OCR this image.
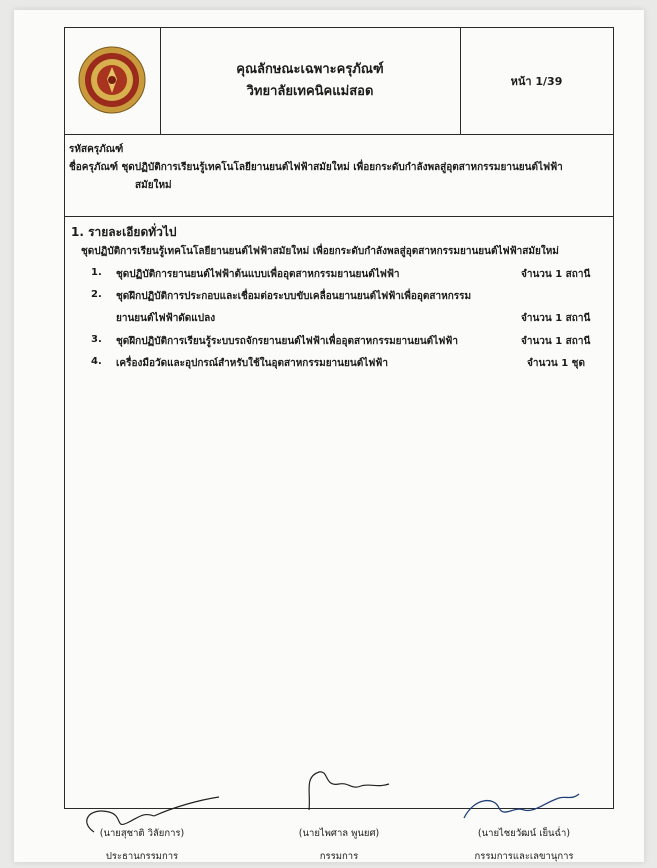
คุณลักษณะเฉพาะครุภัณฑ์
วิทยาลัยเทคนิคแม่สอด
หน้า 1/39
รหัสครุภัณฑ์
ชื่อครุภัณฑ์ ชุดปฏิบัติการเรียนรู้เทคโนโลยียานยนต์ไฟฟ้าสมัยใหม่ เพื่อยกระดับกำลังพลสู่อุตสาหกรรมยานยนต์ไฟฟ้า
สมัยใหม่
1. รายละเอียดทั่วไป
ชุดปฏิบัติการเรียนรู้เทคโนโลยียานยนต์ไฟฟ้าสมัยใหม่ เพื่อยกระดับกำลังพลสู่อุตสาหกรรมยานยนต์ไฟฟ้าสมัยใหม่
1. ชุดปฏิบัติการยานยนต์ไฟฟ้าต้นแบบเพื่ออุตสาหกรรมยานยนต์ไฟฟ้า	จำนวน 1 สถานี
2. ชุดฝึกปฏิบัติการประกอบและเชื่อมต่อระบบขับเคลื่อนยานยนต์ไฟฟ้าเพื่ออุตสาหกรรม
ยานยนต์ไฟฟ้าดัดแปลง	จำนวน 1 สถานี
3. ชุดฝึกปฏิบัติการเรียนรู้ระบบรถจักรยานยนต์ไฟฟ้าเพื่ออุตสาหกรรมยานยนต์ไฟฟ้า	จำนวน 1 สถานี
4. เครื่องมือวัดและอุปกรณ์สำหรับใช้ในอุตสาหกรรมยานยนต์ไฟฟ้า	จำนวน 1 ชุด
(นายสุชาติ วิลัยการ)
ประธานกรรมการ
(นายไพศาล พูนยศ)
กรรมการ
(นายไชยวัฒน์ เย็นฉ่ำ)
กรรมการและเลขานุการ
